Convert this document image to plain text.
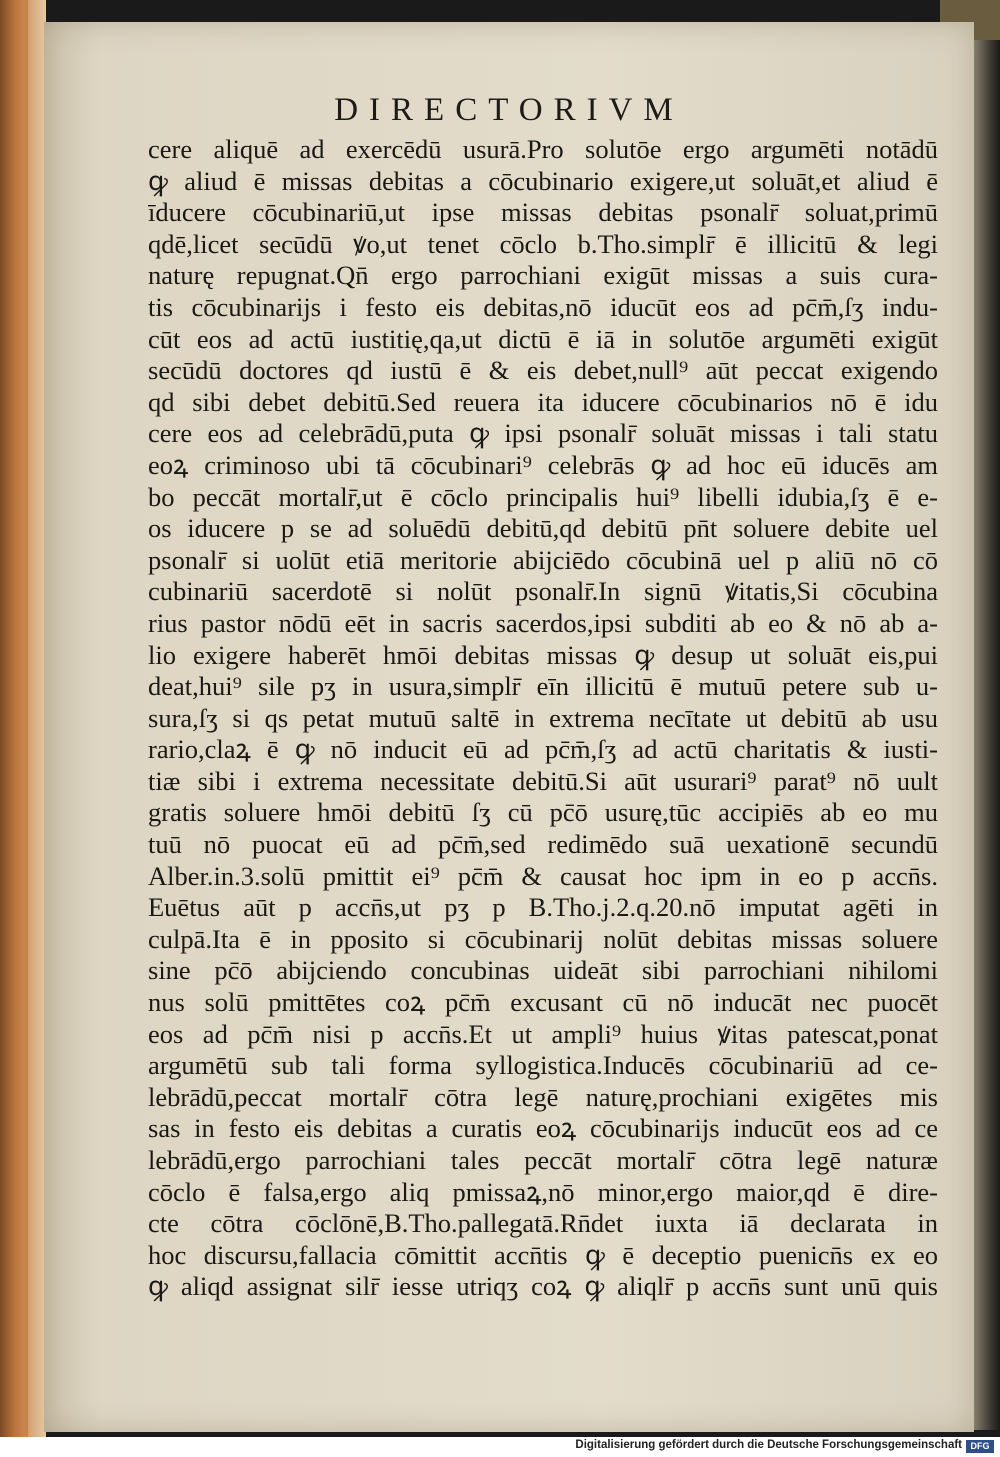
DIRECTORIVM
cere aliquē ad exercēdū usurā.Pro solutōe ergo argumēti notādū
ꝙ aliud ē missas debitas a cōcubinario exigere,ut soluāt,et aliud ē
īducere cōcubinariū,ut ipse missas debitas psonalr̄ soluat,primū
qdē,licet secūdū ꝟo,ut tenet cōclo b.Tho.simplr̄ ē illicitū & legi
naturę repugnat.Qn̄ ergo parrochiani exigūt missas a suis cura-
tis cōcubinarijs i festo eis debitas,nō iducūt eos ad pc̄m̄,ſʒ indu-
cūt eos ad actū iustitię,qa,ut dictū ē iā in solutōe argumēti exigūt
secūdū doctores qd iustū ē & eis debet,null⁹ aūt peccat exigendo
qd sibi debet debitū.Sed reuera ita iducere cōcubinarios nō ē idu
cere eos ad celebrādū,puta ꝙ ipsi psonalr̄ soluāt missas i tali statu
eoꝝ criminoso ubi tā cōcubinari⁹ celebrās ꝙ ad hoc eū iducēs am
bo peccāt mortalr̄,ut ē cōclo principalis hui⁹ libelli idubia,ſʒ ē e-
os iducere p se ad soluēdū debitū,qd debitū pn̄t soluere debite uel
psonalr̄ si uolūt etiā meritorie abijciēdo cōcubinā uel p aliū nō cō
cubinariū sacerdotē si nolūt psonalr̄.In signū ꝟitatis,Si cōcubina
rius pastor nōdū eēt in sacris sacerdos,ipsi subditi ab eo & nō ab a-
lio exigere haberēt hmōi debitas missas ꝙ desup ut soluāt eis,pui
deat,hui⁹ sile pʒ in usura,simplr̄ eīn illicitū ē mutuū petere sub u-
sura,ſʒ si qs petat mutuū saltē in extrema necītate ut debitū ab usu
rario,claꝝ ē ꝙ nō inducit eū ad pc̄m̄,ſʒ ad actū charitatis & iusti-
tiæ sibi i extrema necessitate debitū.Si aūt usurari⁹ parat⁹ nō uult
gratis soluere hmōi debitū ſʒ cū pc̄ō usurę,tūc accipiēs ab eo mu
tuū nō puocat eū ad pc̄m̄,sed redimēdo suā uexationē secundū
Alber.in.3.solū pmittit ei⁹ pc̄m̄ & causat hoc ipm in eo p accn̄s.
Euētus aūt p accn̄s,ut pʒ p B.Tho.j.2.q.20.nō imputat agēti in
culpā.Ita ē in pposito si cōcubinarij nolūt debitas missas soluere
sine pc̄ō abijciendo concubinas uideāt sibi parrochiani nihilomi
nus solū pmittētes coꝝ pc̄m̄ excusant cū nō inducāt nec puocēt
eos ad pc̄m̄ nisi p accn̄s.Et ut ampli⁹ huius ꝟitas patescat,ponat
argumētū sub tali forma syllogistica.Inducēs cōcubinariū ad ce-
lebrādū,peccat mortalr̄ cōtra legē naturę,prochiani exigētes mis
sas in festo eis debitas a curatis eoꝝ cōcubinarijs inducūt eos ad ce
lebrādū,ergo parrochiani tales peccāt mortalr̄ cōtra legē naturæ
cōclo ē falsa,ergo aliq pmissaꝝ,nō minor,ergo maior,qd ē dire-
cte cōtra cōclōnē,B.Tho.pallegatā.Rn̄det iuxta iā declarata in
hoc discursu,fallacia cōmittit accn̄tis ꝙ ē deceptio puenicn̄s ex eo
ꝙ aliqd assignat silr̄ iesse utriqʒ coꝝ ꝙ aliqlr̄ p accn̄s sunt unū quis
Digitalisierung gefördert durch die Deutsche Forschungsgemeinschaft DFG
